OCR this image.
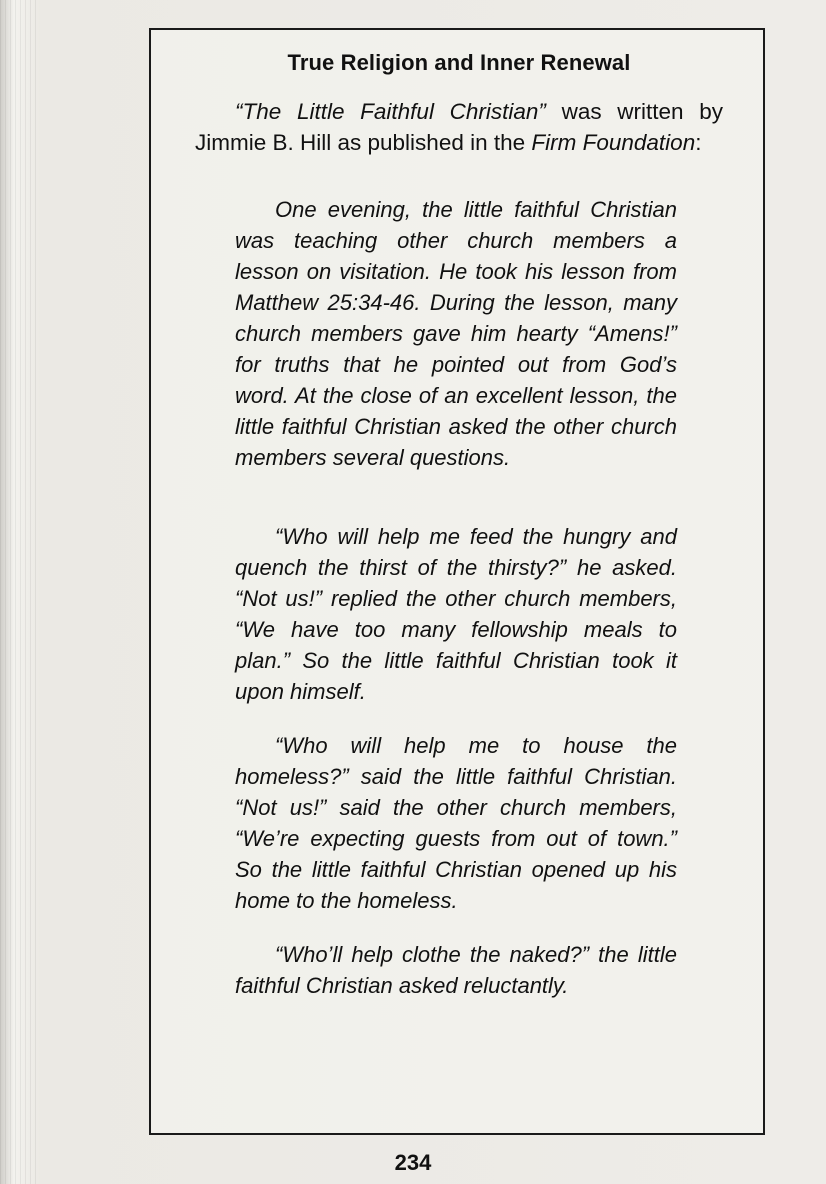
True Religion and Inner Renewal

“The Little Faithful Christian” was written by Jimmie B. Hill as published in the Firm Foundation:

One evening, the little faithful Christian was teaching other church members a lesson on visitation. He took his lesson from Matthew 25:34-46. During the lesson, many church members gave him hearty “Amens!” for truths that he pointed out from God’s word. At the close of an excellent lesson, the little faithful Christian asked the other church members several questions.

“Who will help me feed the hungry and quench the thirst of the thirsty?” he asked. “Not us!” replied the other church members, “We have too many fellowship meals to plan.” So the little faithful Christian took it upon himself.

“Who will help me to house the homeless?” said the little faithful Christian. “Not us!” said the other church members, “We’re expecting guests from out of town.” So the little faithful Christian opened up his home to the homeless.

“Who’ll help clothe the naked?” the little faithful Christian asked reluctantly.

234
